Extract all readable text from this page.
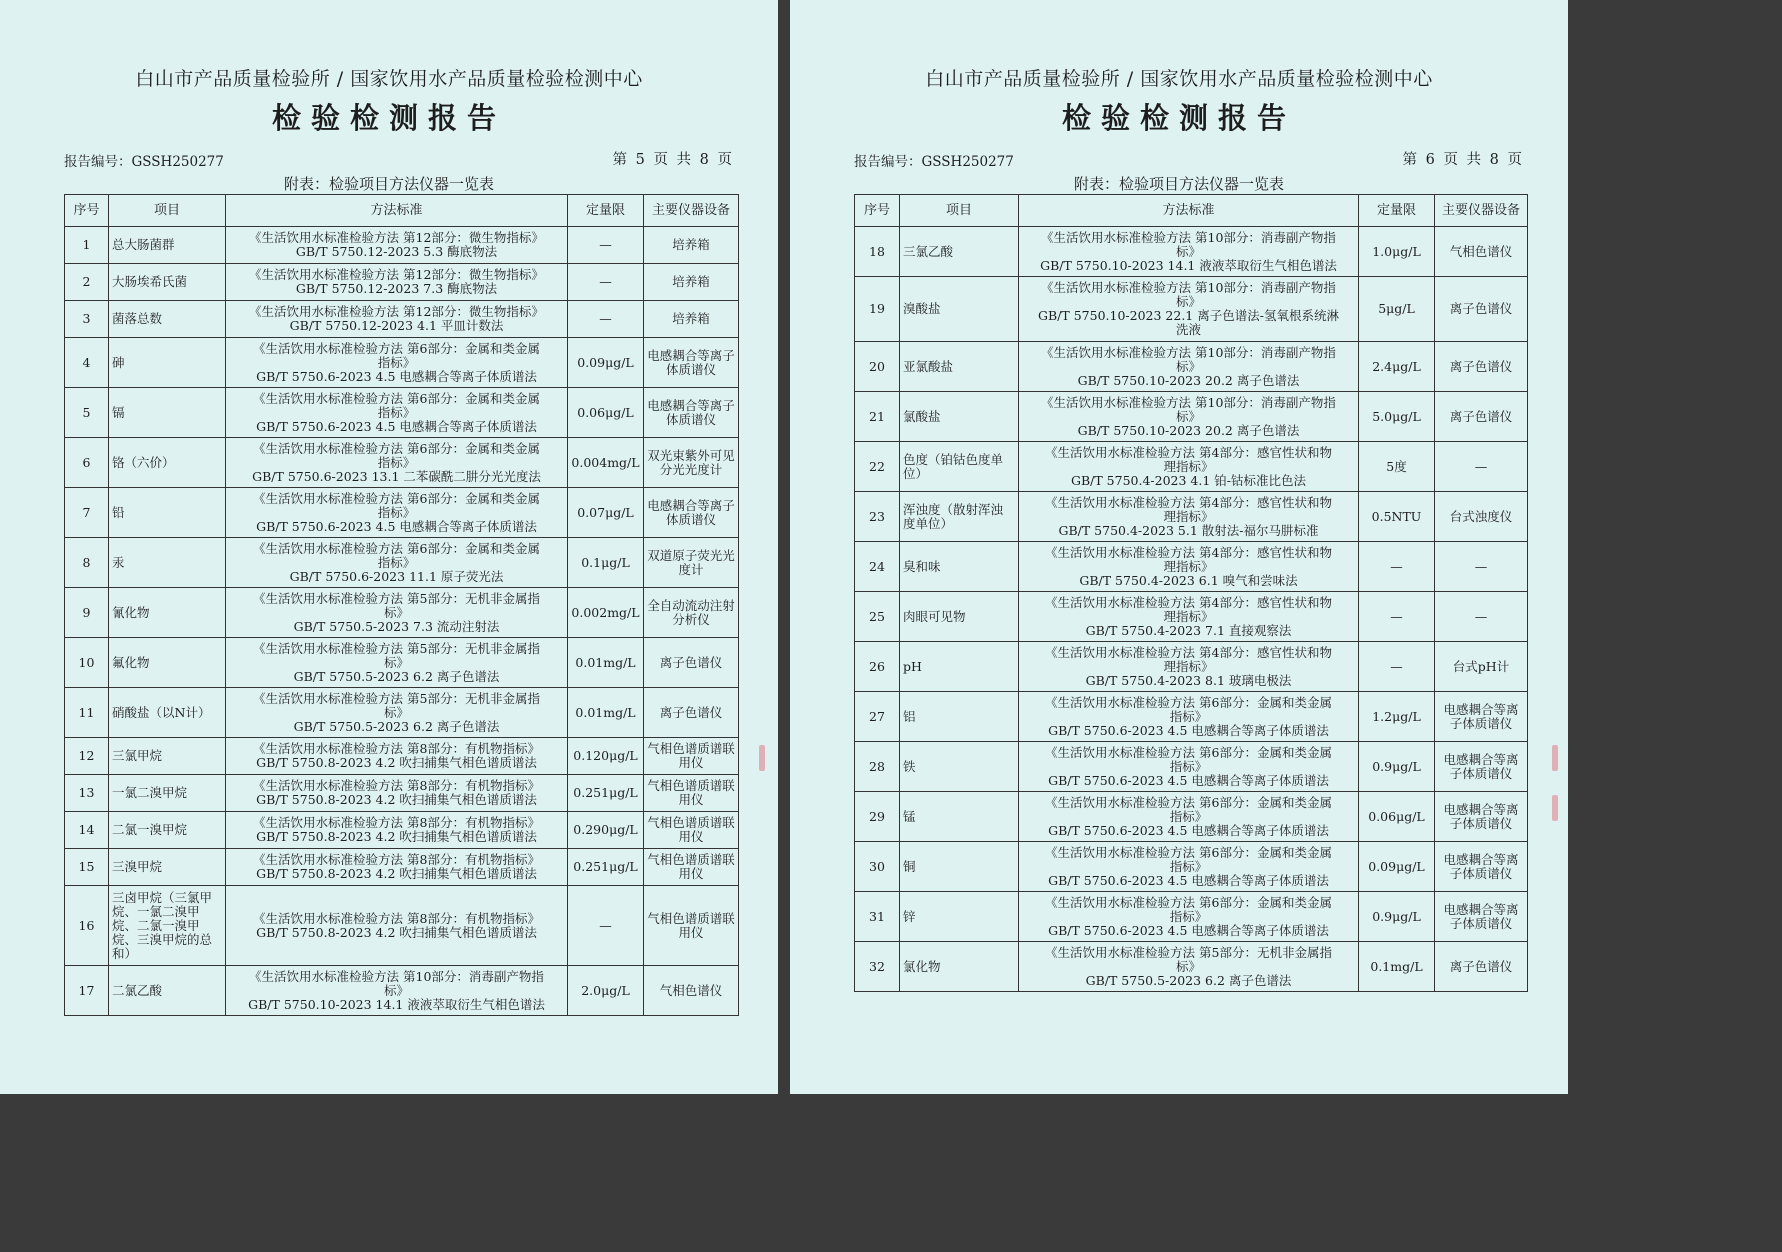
白山市产品质量检验所 / 国家饮用水产品质量检验检测中心
检验检测报告
报告编号：GSSH250277	第 5 页 共 8 页
附表：检验项目方法仪器一览表
序号	项目	方法标准	定量限	主要仪器设备
1	总大肠菌群	《生活饮用水标准检验方法 第12部分：微生物指标》
GB/T 5750.12-2023 5.3 酶底物法	—	培养箱
2	大肠埃希氏菌	《生活饮用水标准检验方法 第12部分：微生物指标》
GB/T 5750.12-2023 7.3 酶底物法	—	培养箱
3	菌落总数	《生活饮用水标准检验方法 第12部分：微生物指标》
GB/T 5750.12-2023 4.1 平皿计数法	—	培养箱
4	砷	《生活饮用水标准检验方法 第6部分：金属和类金属
指标》
GB/T 5750.6-2023 4.5 电感耦合等离子体质谱法	0.09μg/L	电感耦合等离子体质谱仪
5	镉	《生活饮用水标准检验方法 第6部分：金属和类金属
指标》
GB/T 5750.6-2023 4.5 电感耦合等离子体质谱法	0.06μg/L	电感耦合等离子体质谱仪
6	铬（六价）	《生活饮用水标准检验方法 第6部分：金属和类金属
指标》
GB/T 5750.6-2023 13.1 二苯碳酰二肼分光光度法	0.004mg/L	双光束紫外可见分光光度计
7	铅	《生活饮用水标准检验方法 第6部分：金属和类金属
指标》
GB/T 5750.6-2023 4.5 电感耦合等离子体质谱法	0.07μg/L	电感耦合等离子体质谱仪
8	汞	《生活饮用水标准检验方法 第6部分：金属和类金属
指标》
GB/T 5750.6-2023 11.1 原子荧光法	0.1μg/L	双道原子荧光光度计
9	氰化物	《生活饮用水标准检验方法 第5部分：无机非金属指
标》
GB/T 5750.5-2023 7.3 流动注射法	0.002mg/L	全自动流动注射分析仪
10	氟化物	《生活饮用水标准检验方法 第5部分：无机非金属指
标》
GB/T 5750.5-2023 6.2 离子色谱法	0.01mg/L	离子色谱仪
11	硝酸盐（以N计）	《生活饮用水标准检验方法 第5部分：无机非金属指
标》
GB/T 5750.5-2023 6.2 离子色谱法	0.01mg/L	离子色谱仪
12	三氯甲烷	《生活饮用水标准检验方法 第8部分：有机物指标》
GB/T 5750.8-2023 4.2 吹扫捕集气相色谱质谱法	0.120μg/L	气相色谱质谱联用仪
13	一氯二溴甲烷	《生活饮用水标准检验方法 第8部分：有机物指标》
GB/T 5750.8-2023 4.2 吹扫捕集气相色谱质谱法	0.251μg/L	气相色谱质谱联用仪
14	二氯一溴甲烷	《生活饮用水标准检验方法 第8部分：有机物指标》
GB/T 5750.8-2023 4.2 吹扫捕集气相色谱质谱法	0.290μg/L	气相色谱质谱联用仪
15	三溴甲烷	《生活饮用水标准检验方法 第8部分：有机物指标》
GB/T 5750.8-2023 4.2 吹扫捕集气相色谱质谱法	0.251μg/L	气相色谱质谱联用仪
16	三卤甲烷（三氯甲烷、一氯二溴甲烷、二氯一溴甲烷、三溴甲烷的总和）	《生活饮用水标准检验方法 第8部分：有机物指标》
GB/T 5750.8-2023 4.2 吹扫捕集气相色谱质谱法	—	气相色谱质谱联用仪
17	二氯乙酸	《生活饮用水标准检验方法 第10部分：消毒副产物指
标》
GB/T 5750.10-2023 14.1 液液萃取衍生气相色谱法	2.0μg/L	气相色谱仪
白山市产品质量检验所 / 国家饮用水产品质量检验检测中心
检验检测报告
报告编号：GSSH250277	第 6 页 共 8 页
附表：检验项目方法仪器一览表
序号	项目	方法标准	定量限	主要仪器设备
18	三氯乙酸	《生活饮用水标准检验方法 第10部分：消毒副产物指
标》
GB/T 5750.10-2023 14.1 液液萃取衍生气相色谱法	1.0μg/L	气相色谱仪
19	溴酸盐	《生活饮用水标准检验方法 第10部分：消毒副产物指
标》
GB/T 5750.10-2023 22.1 离子色谱法-氢氧根系统淋
洗液	5μg/L	离子色谱仪
20	亚氯酸盐	《生活饮用水标准检验方法 第10部分：消毒副产物指
标》
GB/T 5750.10-2023 20.2 离子色谱法	2.4μg/L	离子色谱仪
21	氯酸盐	《生活饮用水标准检验方法 第10部分：消毒副产物指
标》
GB/T 5750.10-2023 20.2 离子色谱法	5.0μg/L	离子色谱仪
22	色度（铂钴色度单位）	《生活饮用水标准检验方法 第4部分：感官性状和物
理指标》
GB/T 5750.4-2023 4.1 铂-钴标准比色法	5度	—
23	浑浊度（散射浑浊度单位）	《生活饮用水标准检验方法 第4部分：感官性状和物
理指标》
GB/T 5750.4-2023 5.1 散射法-福尔马肼标准	0.5NTU	台式浊度仪
24	臭和味	《生活饮用水标准检验方法 第4部分：感官性状和物
理指标》
GB/T 5750.4-2023 6.1 嗅气和尝味法	—	—
25	肉眼可见物	《生活饮用水标准检验方法 第4部分：感官性状和物
理指标》
GB/T 5750.4-2023 7.1 直接观察法	—	—
26	pH	《生活饮用水标准检验方法 第4部分：感官性状和物
理指标》
GB/T 5750.4-2023 8.1 玻璃电极法	—	台式pH计
27	铝	《生活饮用水标准检验方法 第6部分：金属和类金属
指标》
GB/T 5750.6-2023 4.5 电感耦合等离子体质谱法	1.2μg/L	电感耦合等离子体质谱仪
28	铁	《生活饮用水标准检验方法 第6部分：金属和类金属
指标》
GB/T 5750.6-2023 4.5 电感耦合等离子体质谱法	0.9μg/L	电感耦合等离子体质谱仪
29	锰	《生活饮用水标准检验方法 第6部分：金属和类金属
指标》
GB/T 5750.6-2023 4.5 电感耦合等离子体质谱法	0.06μg/L	电感耦合等离子体质谱仪
30	铜	《生活饮用水标准检验方法 第6部分：金属和类金属
指标》
GB/T 5750.6-2023 4.5 电感耦合等离子体质谱法	0.09μg/L	电感耦合等离子体质谱仪
31	锌	《生活饮用水标准检验方法 第6部分：金属和类金属
指标》
GB/T 5750.6-2023 4.5 电感耦合等离子体质谱法	0.9μg/L	电感耦合等离子体质谱仪
32	氯化物	《生活饮用水标准检验方法 第5部分：无机非金属指
标》
GB/T 5750.5-2023 6.2 离子色谱法	0.1mg/L	离子色谱仪
